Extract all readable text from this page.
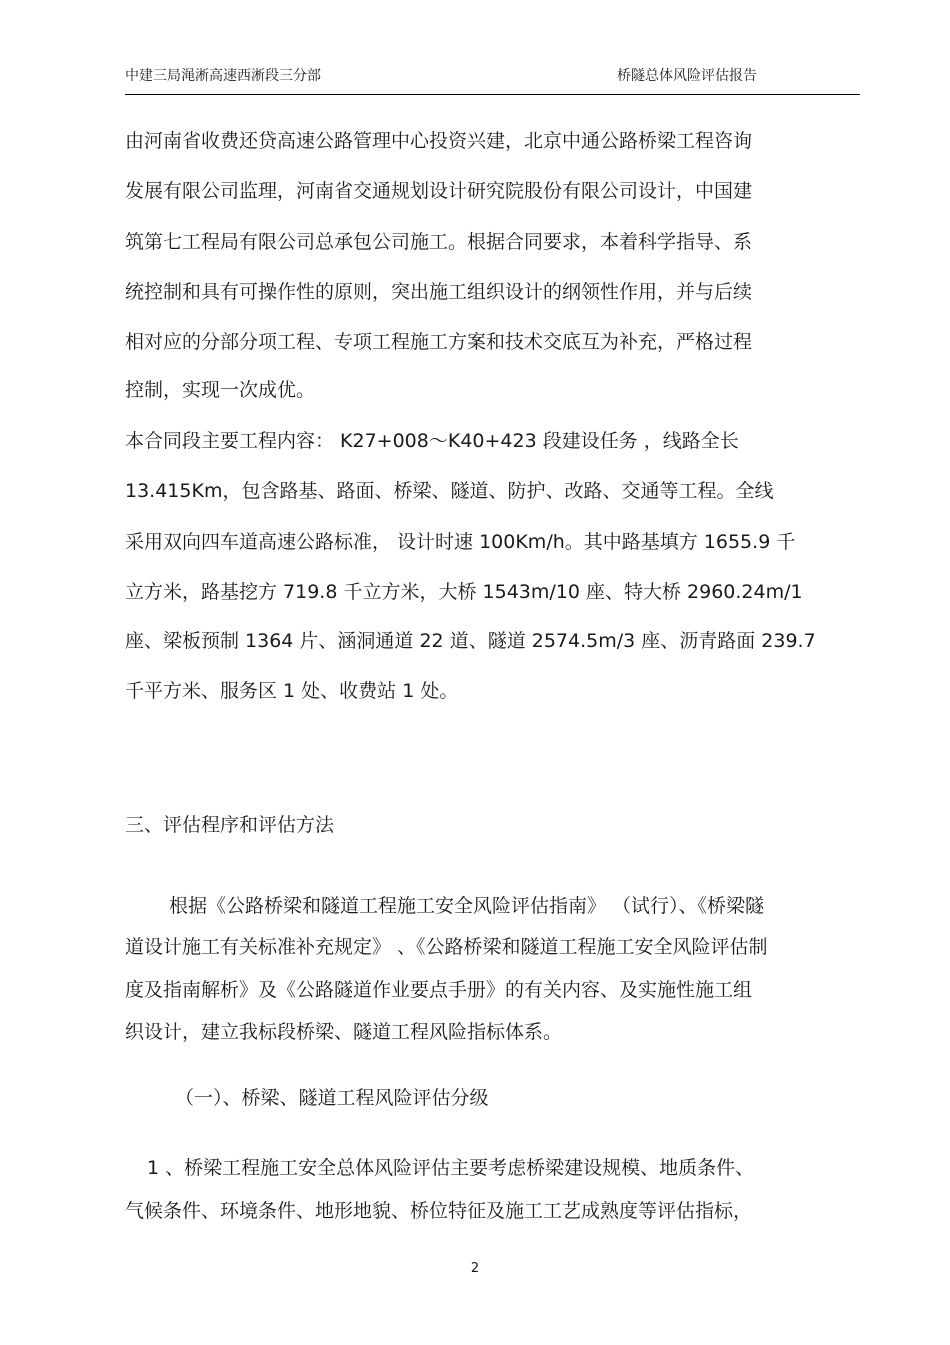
中建三局渑淅高速西淅段三分部	桥隧总体风险评估报告
由河南省收费还贷高速公路管理中心投资兴建，北京中通公路桥梁工程咨询
发展有限公司监理，河南省交通规划设计研究院股份有限公司设计，中国建
筑第七工程局有限公司总承包公司施工。根据合同要求，本着科学指导、系
统控制和具有可操作性的原则，突出施工组织设计的纲领性作用，并与后续
相对应的分部分项工程、专项工程施工方案和技术交底互为补充，严格过程
控制，实现一次成优。
本合同段主要工程内容： K27+008～K40+423 段建设任务 ，线路全长
13.415Km，包含路基、路面、桥梁、隧道、防护、改路、交通等工程。全线
采用双向四车道高速公路标准， 设计时速 100Km/h。其中路基填方 1655.9 千
立方米，路基挖方 719.8 千立方米，大桥 1543m/10 座、特大桥 2960.24m/1
座、梁板预制 1364 片、涵洞通道 22 道、隧道 2574.5m/3 座、沥青路面 239.7
千平方米、服务区 1 处、收费站 1 处。
三、评估程序和评估方法
根据《公路桥梁和隧道工程施工安全风险评估指南》 （试行）、《桥梁隧
道设计施工有关标准补充规定》 、《公路桥梁和隧道工程施工安全风险评估制
度及指南解析》及《公路隧道作业要点手册》的有关内容、及实施性施工组
织设计，建立我标段桥梁、隧道工程风险指标体系。
（一）、桥梁、隧道工程风险评估分级
1 、桥梁工程施工安全总体风险评估主要考虑桥梁建设规模、地质条件、
气候条件、环境条件、地形地貌、桥位特征及施工工艺成熟度等评估指标，
2
